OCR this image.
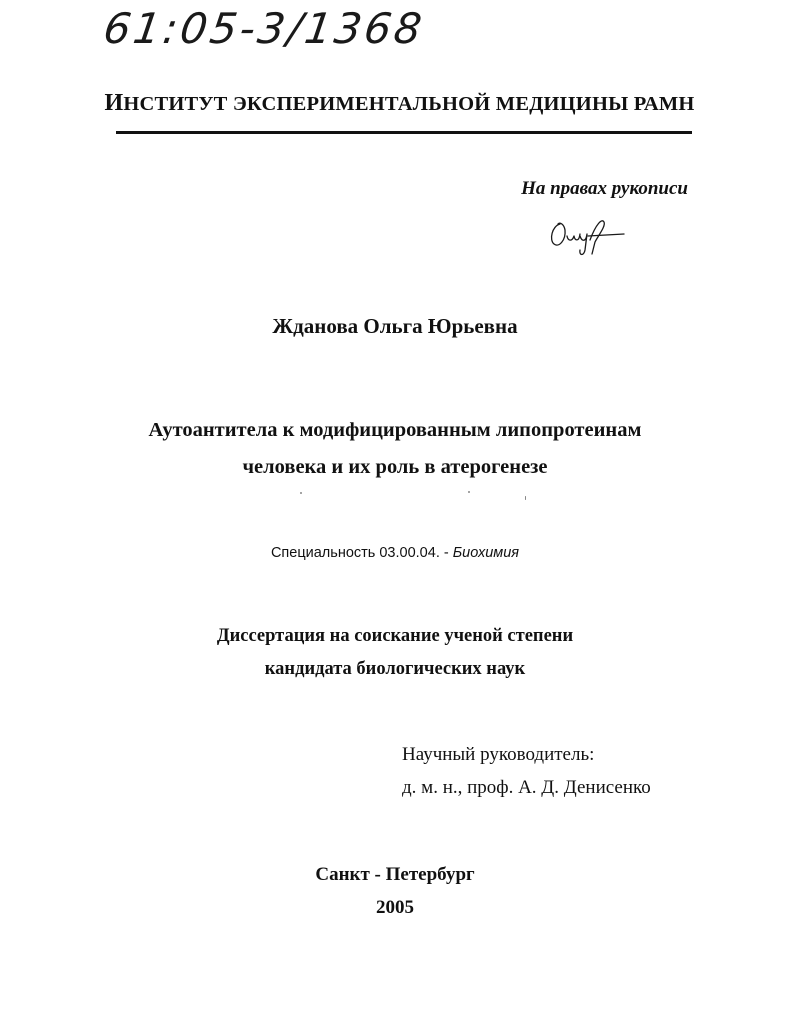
61:05-3/1368
ИНСТИТУТ ЭКСПЕРИМЕНТАЛЬНОЙ МЕДИЦИНЫ РАМН
На правах рукописи
Жданова Ольга Юрьевна
Аутоантитела к модифицированным липопротеинам
человека и их роль в атерогенезе
Специальность 03.00.04. - Биохимия
Диссертация на соискание ученой степени
кандидата биологических наук
Научный руководитель:
д. м. н., проф. А. Д. Денисенко
Санкт - Петербург
2005
